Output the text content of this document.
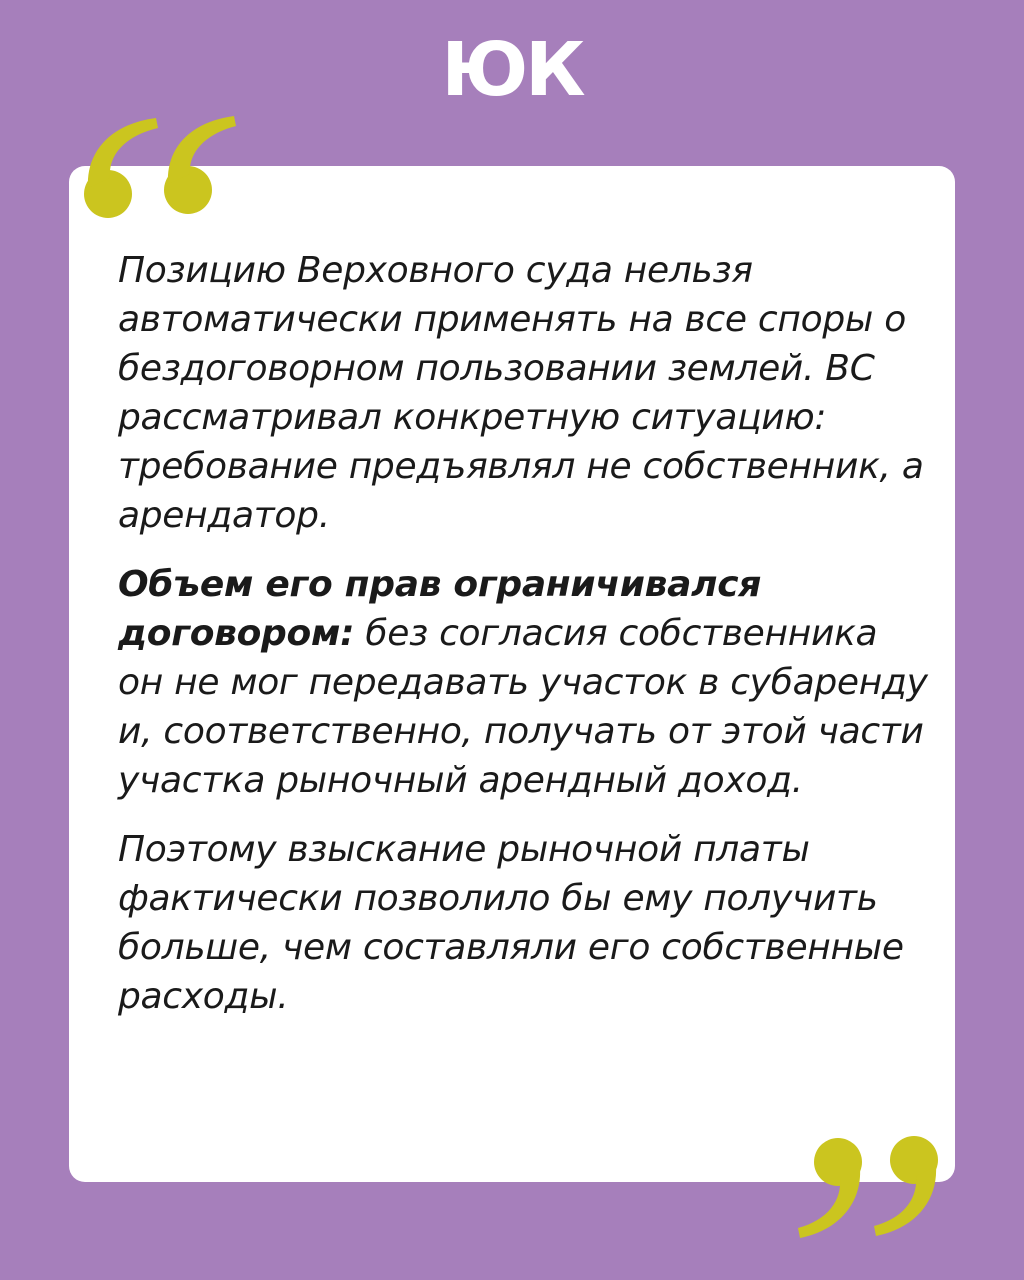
ЮК

Позицию Верховного суда нельзя автоматически применять на все споры о бездоговорном пользовании землей. ВС рассматривал конкретную ситуацию: требование предъявлял не собственник, а арендатор.

Объем его прав ограничивался договором: без согласия собственника он не мог передавать участок в субаренду и, соответственно, получать от этой части участка рыночный арендный доход.

Поэтому взыскание рыночной платы фактически позволило бы ему получить больше, чем составляли его собственные расходы.
